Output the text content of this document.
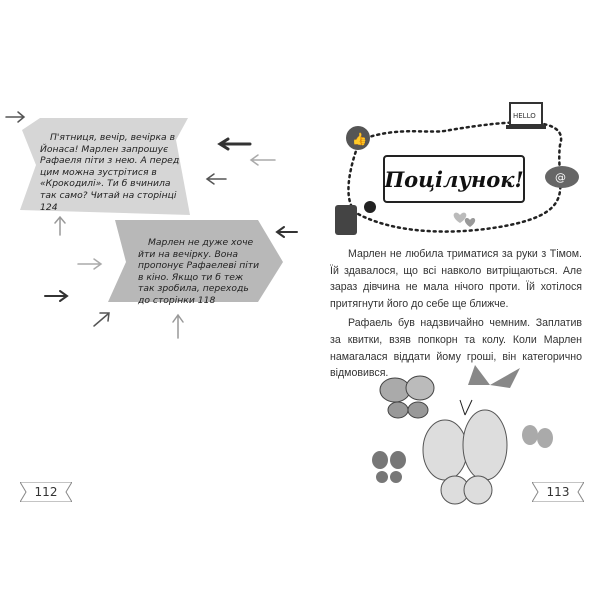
П'ятниця, вечір, вечірка в Йонаса! Марлен запрошує Рафаеля піти з нею. А перед цим можна зустрітися в «Крокодилі». Ти б вчинила так само? Читай на сторінці 124
Марлен не дуже хоче йти на вечірку. Вона пропонує Рафаелеві піти в кіно. Якщо ти б теж так зробила, переходь до сторінки 118
112
👍
HELLO
@
Поцілунок!

Марлен не любила триматися за руки з Тімом. Їй здавалося, що всі навколо витріщаються. Але зараз дівчина не мала нічого проти. Їй хотілося притягнути його до себе ще ближче.

Рафаель був надзвичайно чемним. Заплатив за квитки, взяв попкорн та колу. Коли Марлен намагалася віддати йому гроші, він категорично відмовився.

113
